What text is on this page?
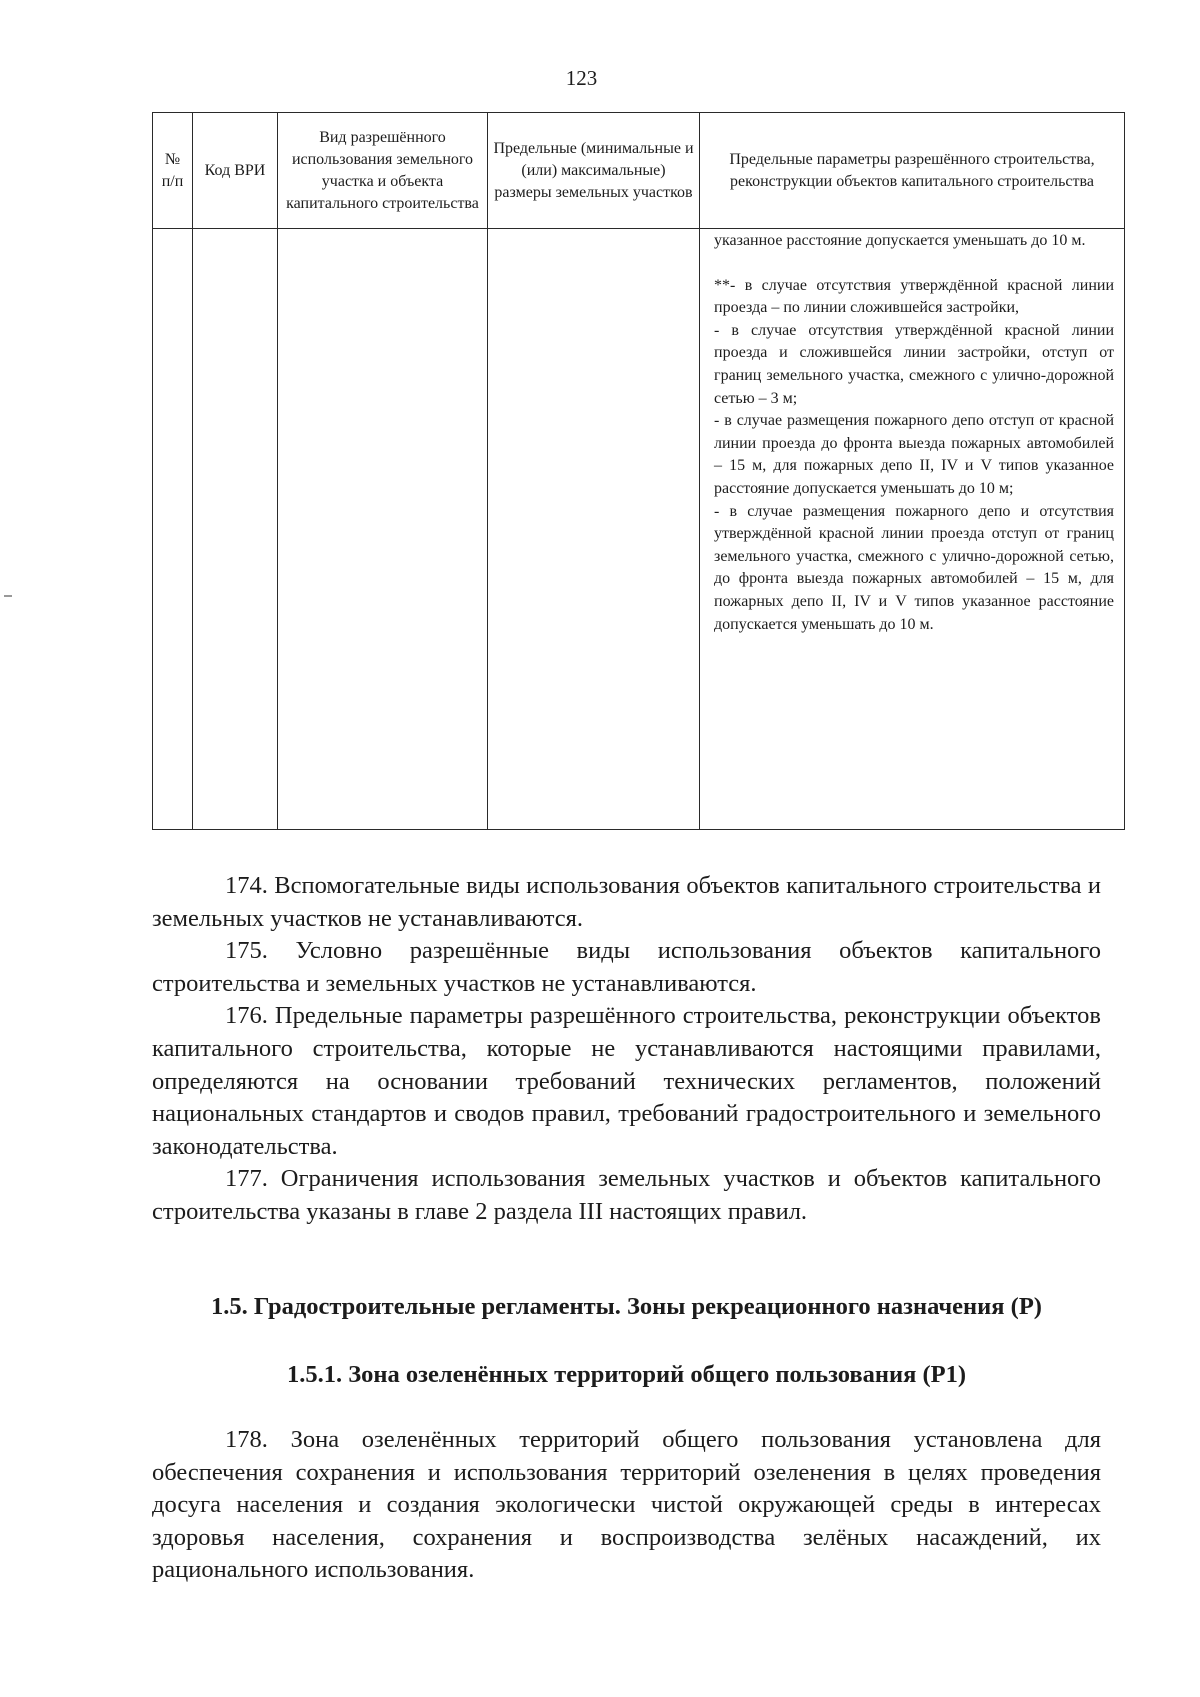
123
№ п/п	Код ВРИ	Вид разрешённого использования земельного участка и объекта капитального строительства	Предельные (минимальные и (или) максимальные) размеры земельных участков	Предельные параметры разрешённого строительства, реконструкции объектов капитального строительства

				указанное расстояние допускается уменьшать до 10 м.

**- в случае отсутствия утверждённой красной линии проезда – по линии сложившейся застройки,

- в случае отсутствия утверждённой красной линии проезда и сложившейся линии застройки, отступ от границ земельного участка, смежного с улично-дорожной сетью – 3 м;

- в случае размещения пожарного депо отступ от красной линии проезда до фронта выезда пожарных автомобилей – 15 м, для пожарных депо II, IV и V типов указанное расстояние допускается уменьшать до 10 м;

- в случае размещения пожарного депо и отсутствия утверждённой красной линии проезда отступ от границ земельного участка, смежного с улично-дорожной сетью, до фронта выезда пожарных автомобилей – 15 м, для пожарных депо II, IV и V типов указанное расстояние допускается уменьшать до 10 м.

174. Вспомогательные виды использования объектов капитального строительства и земельных участков не устанавливаются.

175. Условно разрешённые виды использования объектов капитального строительства и земельных участков не устанавливаются.

176. Предельные параметры разрешённого строительства, реконструкции объектов капитального строительства, которые не устанавливаются настоящими правилами, определяются на основании требований технических регламентов, положений национальных стандартов и сводов правил, требований градостроительного и земельного законодательства.

177. Ограничения использования земельных участков и объектов капитального строительства указаны в главе 2 раздела III настоящих правил.

1.5. Градостроительные регламенты. Зоны рекреационного назначения (Р)
1.5.1. Зона озеленённых территорий общего пользования (Р1)

178. Зона озеленённых территорий общего пользования установлена для обеспечения сохранения и использования территорий озеленения в целях проведения досуга населения и создания экологически чистой окружающей среды в интересах здоровья населения, сохранения и воспроизводства зелёных насаждений, их рационального использования.
